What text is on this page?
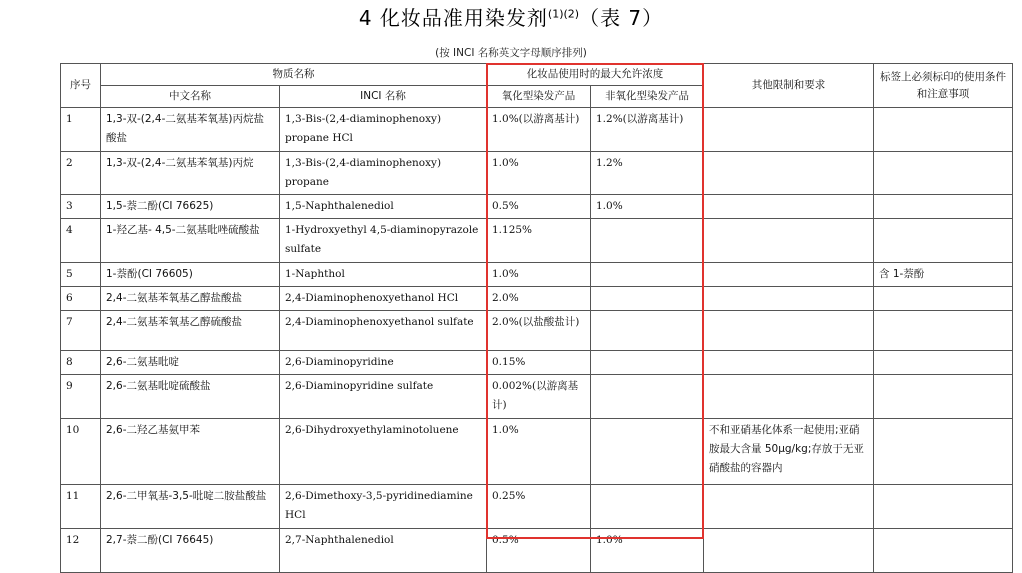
4 化妆品准用染发剂$^{(1)(2)}$（表 7）
(按 INCI 名称英文字母顺序排列)
序号	物质名称		化妆品使用时的最大允许浓度		其他限制和要求	标签上必须标印的使用条件和注意事项
	中文名称	INCI 名称	氧化型染发产品	非氧化型染发产品		
1	1,3-双-(2,4-二氨基苯氧基)丙烷盐酸盐	1,3-Bis-(2,4-diaminophenoxy) propane HCl	1.0%(以游离基计)	1.2%(以游离基计)		
2	1,3-双-(2,4-二氨基苯氧基)丙烷	1,3-Bis-(2,4-diaminophenoxy) propane	1.0%	1.2%		
3	1,5-萘二酚(CI 76625)	1,5-Naphthalenediol	0.5%	1.0%		
4	1-羟乙基- 4,5-二氨基吡唑硫酸盐	1-Hydroxyethyl 4,5-diaminopyrazole sulfate	1.125%			
5	1-萘酚(CI 76605)	1-Naphthol	1.0%			含 1-萘酚
6	2,4-二氨基苯氧基乙醇盐酸盐	2,4-Diaminophenoxyethanol HCl	2.0%			
7	2,4-二氨基苯氧基乙醇硫酸盐	2,4-Diaminophenoxyethanol sulfate	2.0%(以盐酸盐计)			
8	2,6-二氨基吡啶	2,6-Diaminopyridine	0.15%			
9	2,6-二氨基吡啶硫酸盐	2,6-Diaminopyridine sulfate	0.002%(以游离基计)			
10	2,6-二羟乙基氨甲苯	2,6-Dihydroxyethylaminotoluene	1.0%		不和亚硝基化体系一起使用;亚硝胺最大含量 50μg/kg;存放于无亚硝酸盐的容器内	
11	2,6-二甲氧基-3,5-吡啶二胺盐酸盐	2,6-Dimethoxy-3,5-pyridinediamine HCl	0.25%			
12	2,7-萘二酚(CI 76645)	2,7-Naphthalenediol	0.5%	1.0%		
